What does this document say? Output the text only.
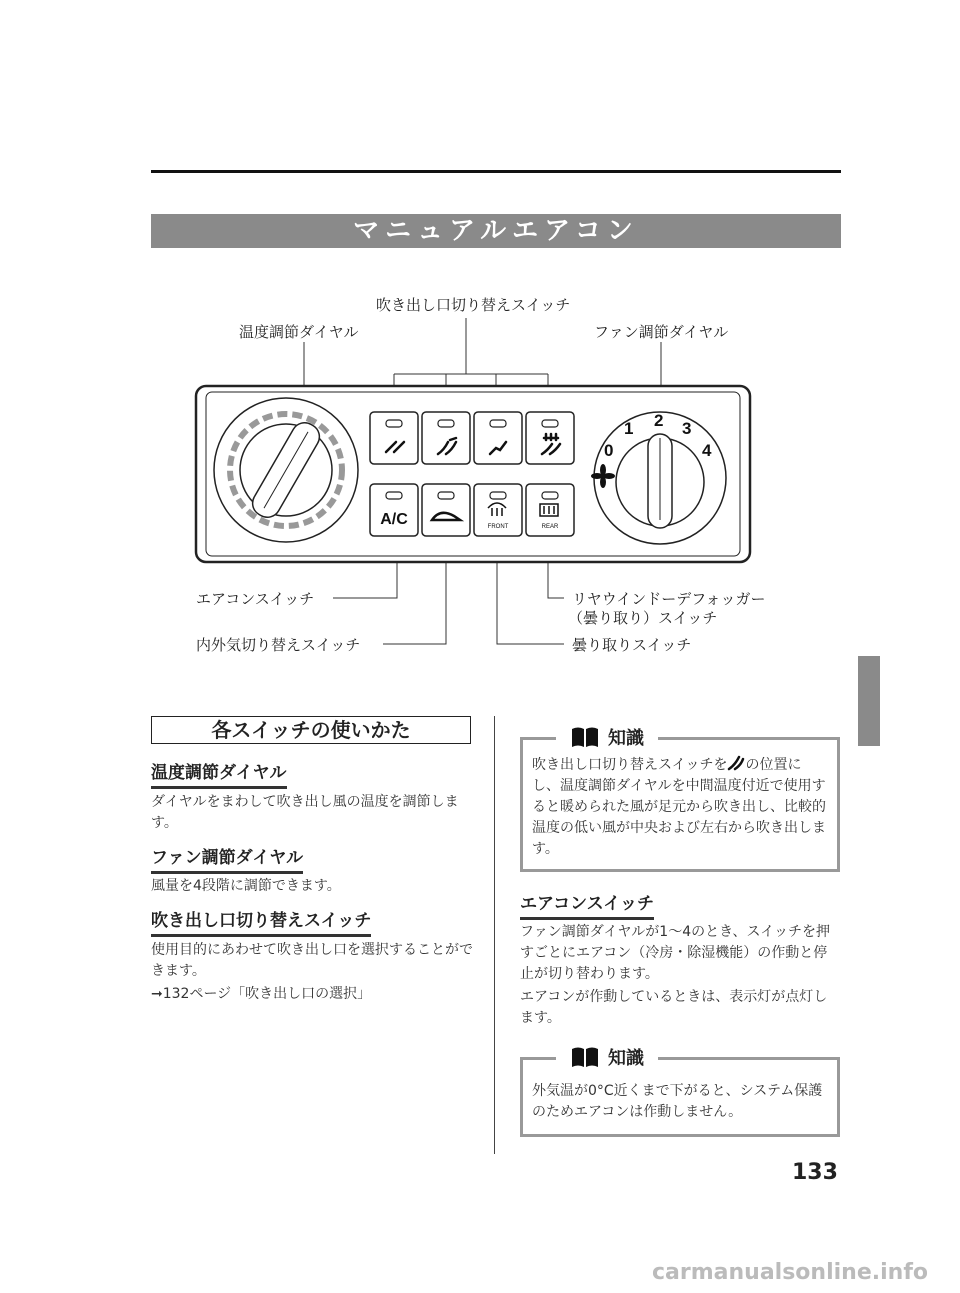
マニュアルエアコン
吹き出し口切り替えスイッチ
温度調節ダイヤル	ファン調節ダイヤル
エアコンスイッチ	リヤウインドーデフォッガー
（曇り取り）スイッチ
内外気切り替えスイッチ	曇り取りスイッチ
A/C	FRONT	REAR
0
1 2 3
4
各スイッチの使いかた
温度調節ダイヤル
ダイヤルをまわして吹き出し風の温度を調節します。
ファン調節ダイヤル
風量を4段階に調節できます。
吹き出し口切り替えスイッチ
使用目的にあわせて吹き出し口を選択することができます。
➞132ページ「吹き出し口の選択」
知識
吹き出し口切り替えスイッチを の位置にし、温度調節ダイヤルを中間温度付近で使用すると暖められた風が足元から吹き出し、比較的温度の低い風が中央および左右から吹き出します。
エアコンスイッチ
ファン調節ダイヤルが1～4のとき、スイッチを押すごとにエアコン（冷房・除湿機能）の作動と停止が切り替わります。
エアコンが作動しているときは、表示灯が点灯します。
知識
外気温が0°C近くまで下がると、システム保護のためエアコンは作動しません。
133
carmanualsonline.info
